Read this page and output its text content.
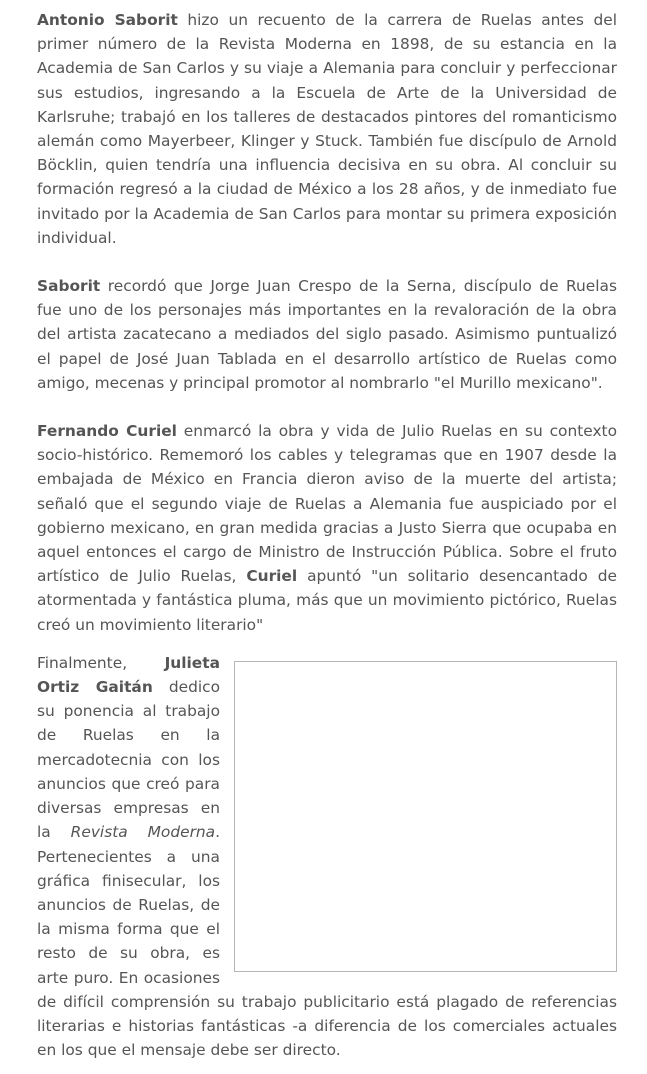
Antonio Saborit hizo un recuento de la carrera de Ruelas antes del primer número de la Revista Moderna en 1898, de su estancia en la Academia de San Carlos y su viaje a Alemania para concluir y perfeccionar sus estudios, ingresando a la Escuela de Arte de la Universidad de Karlsruhe; trabajó en los talleres de destacados pintores del romanticismo alemán como Mayerbeer, Klinger y Stuck. También fue discípulo de Arnold Böcklin, quien tendría una influencia decisiva en su obra. Al concluir su formación regresó a la ciudad de México a los 28 años, y de inmediato fue invitado por la Academia de San Carlos para montar su primera exposición individual.

Saborit recordó que Jorge Juan Crespo de la Serna, discípulo de Ruelas fue uno de los personajes más importantes en la revaloración de la obra del artista zacatecano a mediados del siglo pasado. Asimismo puntualizó el papel de José Juan Tablada en el desarrollo artístico de Ruelas como amigo, mecenas y principal promotor al nombrarlo "el Murillo mexicano".

Fernando Curiel enmarcó la obra y vida de Julio Ruelas en su contexto socio-histórico. Rememoró los cables y telegramas que en 1907 desde la embajada de México en Francia dieron aviso de la muerte del artista; señaló que el segundo viaje de Ruelas a Alemania fue auspiciado por el gobierno mexicano, en gran medida gracias a Justo Sierra que ocupaba en aquel entonces el cargo de Ministro de Instrucción Pública. Sobre el fruto artístico de Julio Ruelas, Curiel apuntó "un solitario desencantado de atormentada y fantástica pluma, más que un movimiento pictórico, Ruelas creó un movimiento literario"

Finalmente, Julieta Ortiz Gaitán dedico su ponencia al trabajo de Ruelas en la mercadotecnia con los anuncios que creó para diversas empresas en la Revista Moderna. Pertenecientes a una gráfica finisecular, los anuncios de Ruelas, de la misma forma que el resto de su obra, es arte puro. En ocasiones de difícil comprensión su trabajo publicitario está plagado de referencias literarias e historias fantásticas -a diferencia de los comerciales actuales en los que el mensaje debe ser directo.
